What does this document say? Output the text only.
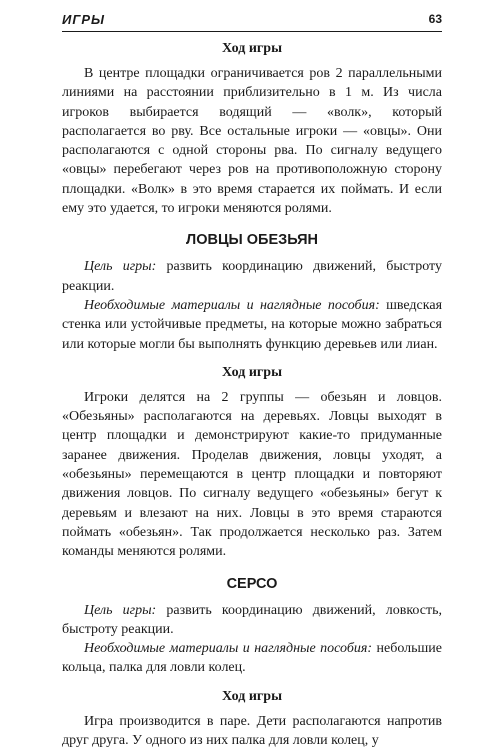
ИГРЫ	63
Ход игры

В центре площадки ограничивается ров 2 параллельными линиями на расстоянии приблизительно в 1 м. Из числа игроков выбирается водящий — «волк», который располагается во рву. Все остальные игроки — «овцы». Они располагаются с одной стороны рва. По сигналу ведущего «овцы» перебегают через ров на противоположную сторону площадки. «Волк» в это время старается их поймать. И если ему это удается, то игроки меняются ролями.

ЛОВЦЫ ОБЕЗЬЯН

Цель игры: развить координацию движений, быстроту реакции.

Необходимые материалы и наглядные пособия: шведская стенка или устойчивые предметы, на которые можно забраться или которые могли бы выполнять функцию деревьев или лиан.

Ход игры

Игроки делятся на 2 группы — обезьян и ловцов. «Обезьяны» располагаются на деревьях. Ловцы выходят в центр площадки и демонстрируют какие-то придуманные заранее движения. Проделав движения, ловцы уходят, а «обезьяны» перемещаются в центр площадки и повторяют движения ловцов. По сигналу ведущего «обезьяны» бегут к деревьям и влезают на них. Ловцы в это время стараются поймать «обезьян». Так продолжается несколько раз. Затем команды меняются ролями.

СЕРСО

Цель игры: развить координацию движений, ловкость, быстроту реакции.

Необходимые материалы и наглядные пособия: небольшие кольца, палка для ловли колец.

Ход игры

Игра производится в паре. Дети располагаются напротив друг друга. У одного из них палка для ловли колец, у
